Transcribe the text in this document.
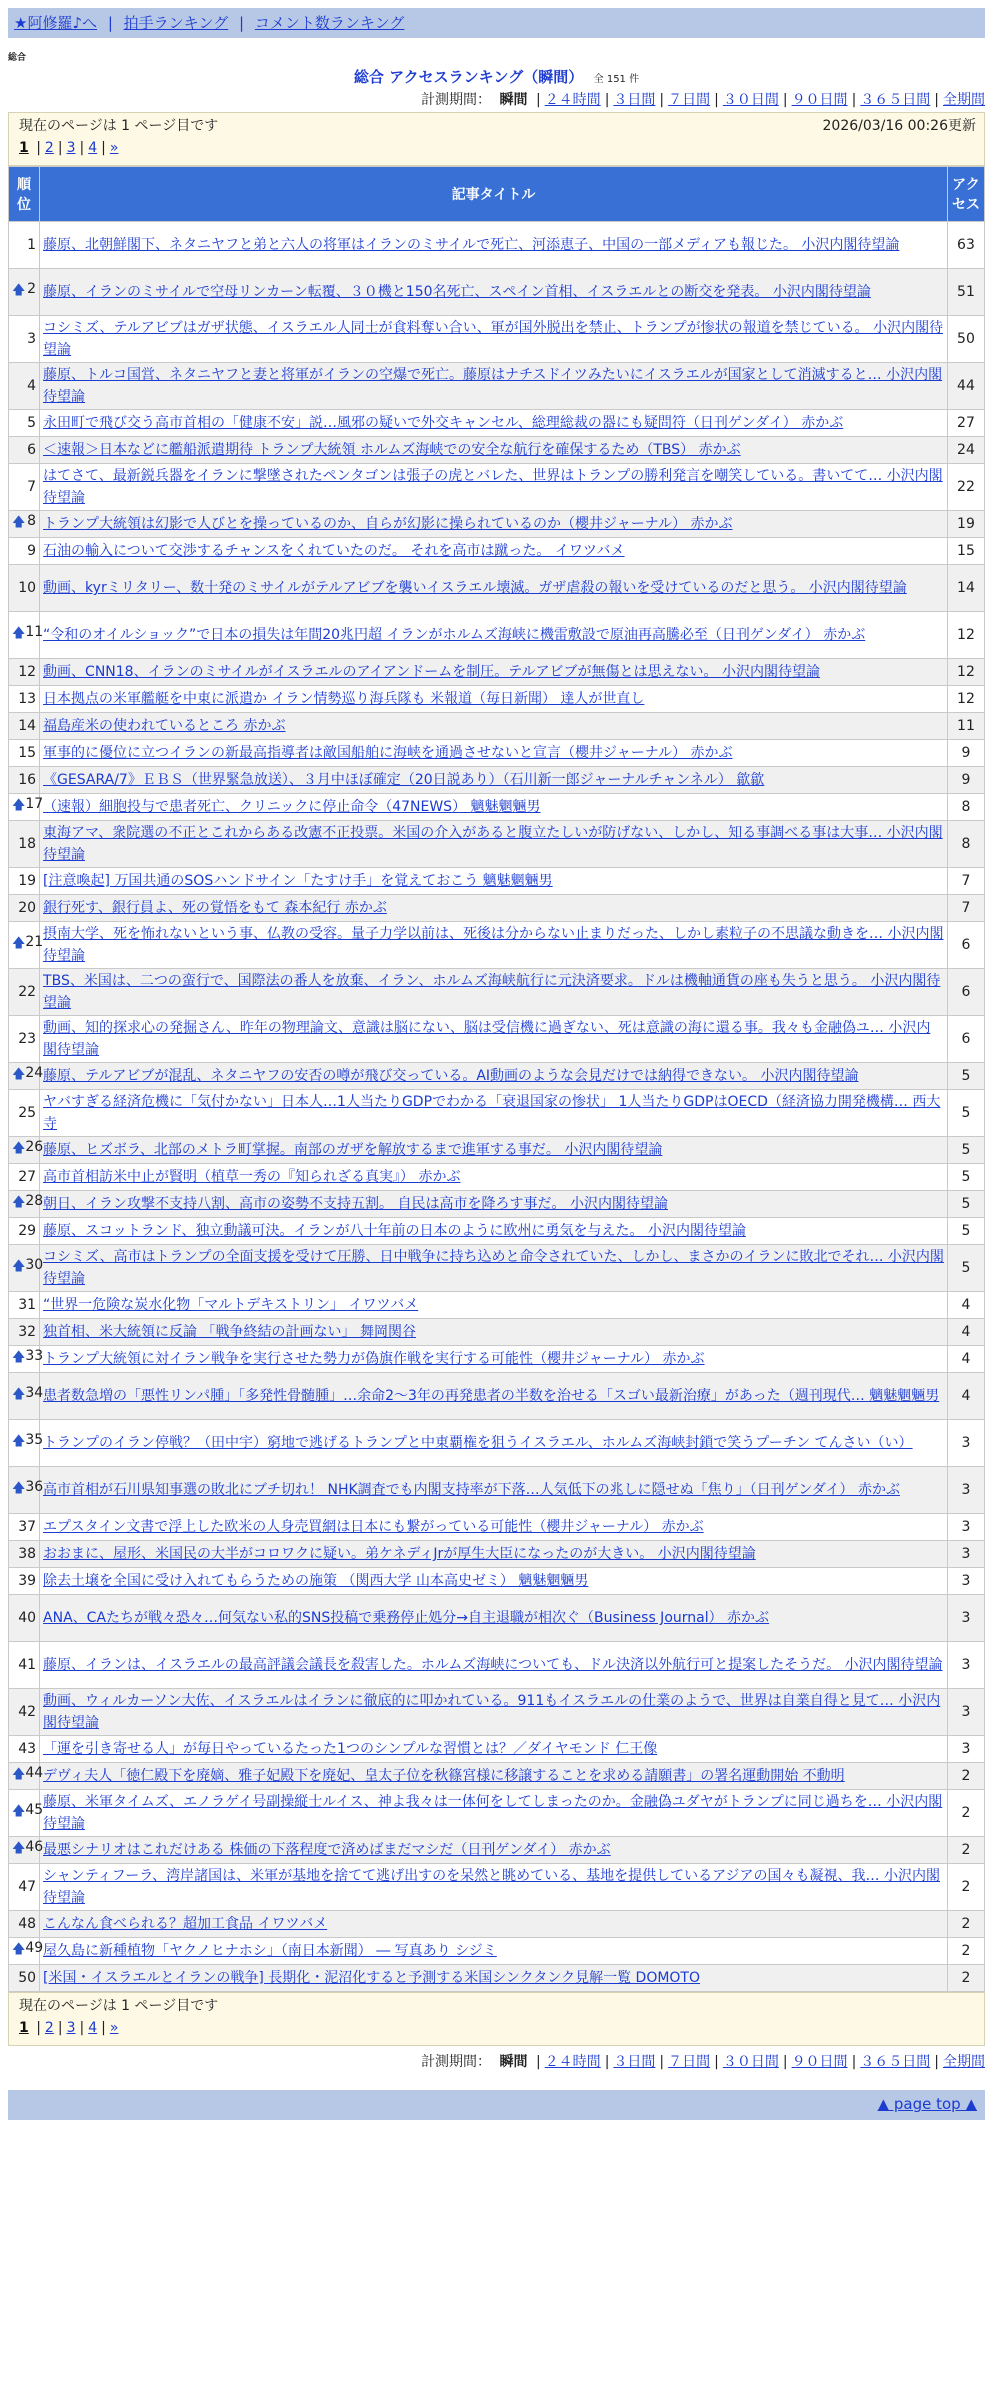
★阿修羅♪へ | 拍手ランキング | コメント数ランキング
総合
総合 アクセスランキング（瞬間） 全 151 件
計測期間： 瞬間 | ２４時間 | ３日間 | ７日間 | ３０日間 | ９０日間 | ３６５日間 | 全期間
現在のページは 1 ページ目です	2026/03/16 00:26更新
1 | 2 | 3 | 4 | »
順位	記事タイトル	アクセス
1	藤原、北朝鮮閣下、ネタニヤフと弟と六人の将軍はイランのミサイルで死亡、河添恵子、中国の一部メディアも報じた。 小沢内閣待望論	63

🡅 2	藤原、イランのミサイルで空母リンカーン転覆、３０機と150名死亡、スペイン首相、イスラエルとの断交を発表。 小沢内閣待望論	51
3	コシミズ、テルアビブはガザ状態、イスラエル人同士が食料奪い合い、軍が国外脱出を禁止、トランプが惨状の報道を禁じている。 小沢内閣待望論	50
4	藤原、トルコ国営、ネタニヤフと妻と将軍がイランの空爆で死亡。藤原はナチスドイツみたいにイスラエルが国家として消滅すると… 小沢内閣待望論	44
5	永田町で飛び交う高市首相の「健康不安」説…風邪の疑いで外交キャンセル、総理総裁の器にも疑問符（日刊ゲンダイ） 赤かぶ	27
6	＜速報＞日本などに艦船派遣期待 トランプ大統領 ホルムズ海峡での安全な航行を確保するため（TBS） 赤かぶ	24
7	はてさて、最新鋭兵器をイランに撃墜されたペンタゴンは張子の虎とバレた、世界はトランプの勝利発言を嘲笑している。書いてて… 小沢内閣待望論	22

🡅 8	トランプ大統領は幻影で人びとを操っているのか、自らが幻影に操られているのか（櫻井ジャーナル） 赤かぶ	19
9	石油の輸入について交渉するチャンスをくれていたのだ。 それを高市は蹴った。 イワツバメ	15
10	動画、kyrミリタリー、数十発のミサイルがテルアビブを襲いイスラエル壊滅。ガザ虐殺の報いを受けているのだと思う。 小沢内閣待望論	14

🡅 11	“令和のオイルショック”で日本の損失は年間20兆円超 イランがホルムズ海峡に機雷敷設で原油再高騰必至（日刊ゲンダイ） 赤かぶ	12
12	動画、CNN18、イランのミサイルがイスラエルのアイアンドームを制圧。テルアビブが無傷とは思えない。 小沢内閣待望論	12
13	日本拠点の米軍艦艇を中東に派遣か イラン情勢巡り海兵隊も 米報道（毎日新聞） 達人が世直し	12
14	福島産米の使われているところ 赤かぶ	11
15	軍事的に優位に立つイランの新最高指導者は敵国船舶に海峡を通過させないと宣言（櫻井ジャーナル） 赤かぶ	9
16	《GESARA/7》ＥＢＳ（世界緊急放送）、３月中ほぼ確定（20日説あり）（石川新一郎ジャーナルチャンネル） 歙歙	9

🡅 17	（速報）細胞投与で患者死亡、クリニックに停止命令（47NEWS） 魑魅魍魎男	8
18	東海アマ、衆院選の不正とこれからある改憲不正投票。米国の介入があると腹立たしいが防げない、しかし、知る事調べる事は大事… 小沢内閣待望論	8
19	[注意喚起] 万国共通のSOSハンドサイン「たすけ手」を覚えておこう 魑魅魍魎男	7
20	銀行死す、銀行員よ、死の覚悟をもて 森本紀行 赤かぶ	7

🡅 21	摂南大学、死を怖れないという事、仏教の受容。量子力学以前は、死後は分からない止まりだった、しかし素粒子の不思議な動きを… 小沢内閣待望論	6
22	TBS、米国は、二つの蛮行で、国際法の番人を放棄、イラン、ホルムズ海峡航行に元決済要求。ドルは機軸通貨の座も失うと思う。 小沢内閣待望論	6
23	動画、知的探求心の発掘さん、昨年の物理論文、意識は脳にない、脳は受信機に過ぎない、死は意識の海に還る事。我々も金融偽ユ… 小沢内閣待望論	6

🡅 24	藤原、テルアビブが混乱、ネタニヤフの安否の噂が飛び交っている。AI動画のような会見だけでは納得できない。 小沢内閣待望論	5
25	ヤバすぎる経済危機に「気付かない」日本人…1人当たりGDPでわかる「衰退国家の惨状」 1人当たりGDPはOECD（経済協力開発機構… 西大寺	5

🡅 26	藤原、ヒズボラ、北部のメトラ町掌握。南部のガザを解放するまで進軍する事だ。 小沢内閣待望論	5
27	高市首相訪米中止が賢明（植草一秀の『知られざる真実』） 赤かぶ	5

🡅 28	朝日、イラン攻撃不支持八割、高市の姿勢不支持五割。 自民は高市を降ろす事だ。 小沢内閣待望論	5
29	藤原、スコットランド、独立動議可決。イランが八十年前の日本のように欧州に勇気を与えた。 小沢内閣待望論	5

🡅 30	コシミズ、高市はトランプの全面支援を受けて圧勝、日中戦争に持ち込めと命令されていた、しかし、まさかのイランに敗北でそれ… 小沢内閣待望論	5
31	“世界一危険な炭水化物「マルトデキストリン」 イワツバメ	4
32	独首相、米大統領に反論 「戦争終結の計画ない」 舞岡関谷	4

🡅 33	トランプ大統領に対イラン戦争を実行させた勢力が偽旗作戦を実行する可能性（櫻井ジャーナル） 赤かぶ	4

🡅 34	患者数急増の「悪性リンパ腫」「多発性骨髄腫」…余命2～3年の再発患者の半数を治せる「スゴい最新治療」があった（週刊現代… 魑魅魍魎男	4

🡅 35	トランプのイラン停戦？（田中宇）窮地で逃げるトランプと中東覇権を狙うイスラエル、ホルムズ海峡封鎖で笑うプーチン てんさい（い）	3

🡅 36	高市首相が石川県知事選の敗北にブチ切れ！ NHK調査でも内閣支持率が下落…人気低下の兆しに隠せぬ「焦り」（日刊ゲンダイ） 赤かぶ	3
37	エプスタイン文書で浮上した欧米の人身売買網は日本にも繋がっている可能性（櫻井ジャーナル） 赤かぶ	3
38	おおまに、屋形、米国民の大半がコロワクに疑い。弟ケネディJrが厚生大臣になったのが大きい。 小沢内閣待望論	3
39	除去土壌を全国に受け入れてもらうための施策 （関西大学 山本高史ゼミ） 魑魅魍魎男	3
40	ANA、CAたちが戦々恐々…何気ない私的SNS投稿で乗務停止処分→自主退職が相次ぐ（Business Journal） 赤かぶ	3
41	藤原、イランは、イスラエルの最高評議会議長を殺害した。ホルムズ海峡についても、ドル決済以外航行可と提案したそうだ。 小沢内閣待望論	3
42	動画、ウィルカーソン大佐、イスラエルはイランに徹底的に叩かれている。911もイスラエルの仕業のようで、世界は自業自得と見て… 小沢内閣待望論	3
43	「運を引き寄せる人」が毎日やっているたった1つのシンプルな習慣とは？／ダイヤモンド 仁王像	3

🡅 44	デヴィ夫人「徳仁殿下を廃嫡、雅子妃殿下を廃妃、皇太子位を秋篠宮様に移譲することを求める請願書」の署名運動開始 不動明	2

🡅 45	藤原、米軍タイムズ、エノラゲイ号副操縦士ルイス、神よ我々は一体何をしてしまったのか。金融偽ユダヤがトランプに同じ過ちを… 小沢内閣待望論	2

🡅 46	最悪シナリオはこれだけある 株価の下落程度で済めばまだマシだ（日刊ゲンダイ） 赤かぶ	2
47	シャンティフーラ、湾岸諸国は、米軍が基地を捨てて逃げ出すのを呆然と眺めている、基地を提供しているアジアの国々も凝視、我… 小沢内閣待望論	2
48	こんなん食べられる？超加工食品 イワツバメ	2

🡅 49	屋久島に新種植物「ヤクノヒナホシ」（南日本新聞） ― 写真あり シジミ	2
50	[米国・イスラエルとイランの戦争] 長期化・泥沼化すると予測する米国シンクタンク見解一覧 DOMOTO	2
現在のページは 1 ページ目です
1 | 2 | 3 | 4 | »
計測期間： 瞬間 | ２４時間 | ３日間 | ７日間 | ３０日間 | ９０日間 | ３６５日間 | 全期間
▲ page top ▲
